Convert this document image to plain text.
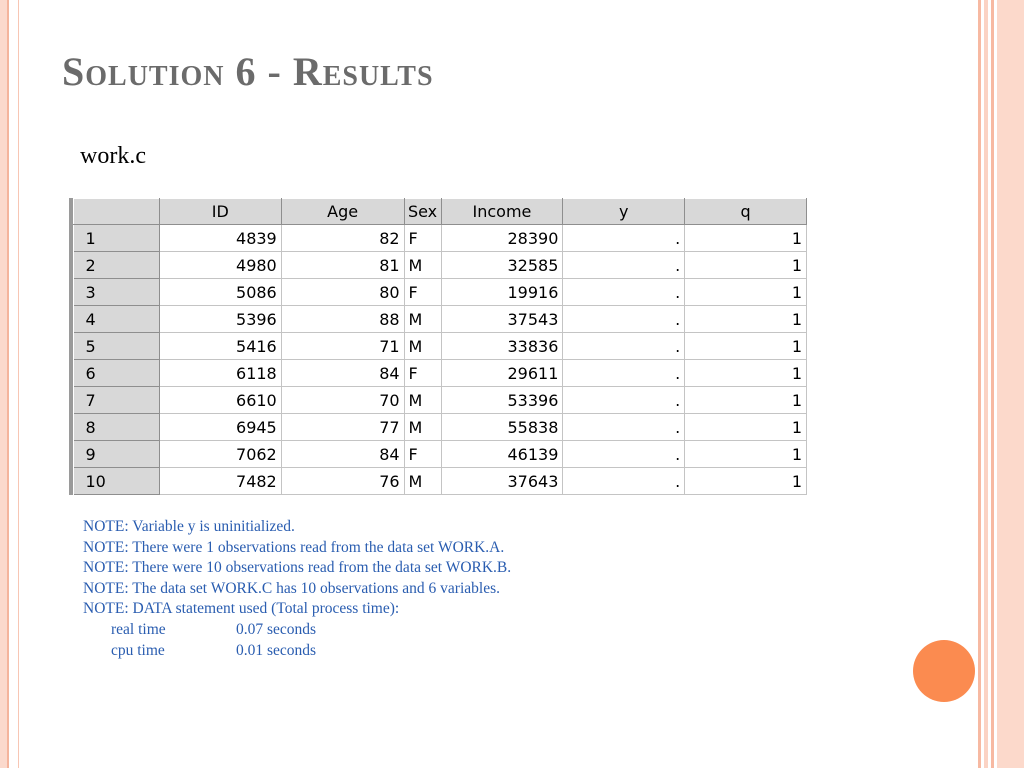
Solution 6 - Results
work.c
	ID	Age	Sex	Income	y	q
1	4839	82	F	28390	.	1
2	4980	81	M	32585	.	1
3	5086	80	F	19916	.	1
4	5396	88	M	37543	.	1
5	5416	71	M	33836	.	1
6	6118	84	F	29611	.	1
7	6610	70	M	53396	.	1
8	6945	77	M	55838	.	1
9	7062	84	F	46139	.	1
10	7482	76	M	37643	.	1
NOTE: Variable y is uninitialized.
NOTE: There were 1 observations read from the data set WORK.A.
NOTE: There were 10 observations read from the data set WORK.B.
NOTE: The data set WORK.C has 10 observations and 6 variables.
NOTE: DATA statement used (Total process time):
real time	0.07 seconds
cpu time	0.01 seconds
